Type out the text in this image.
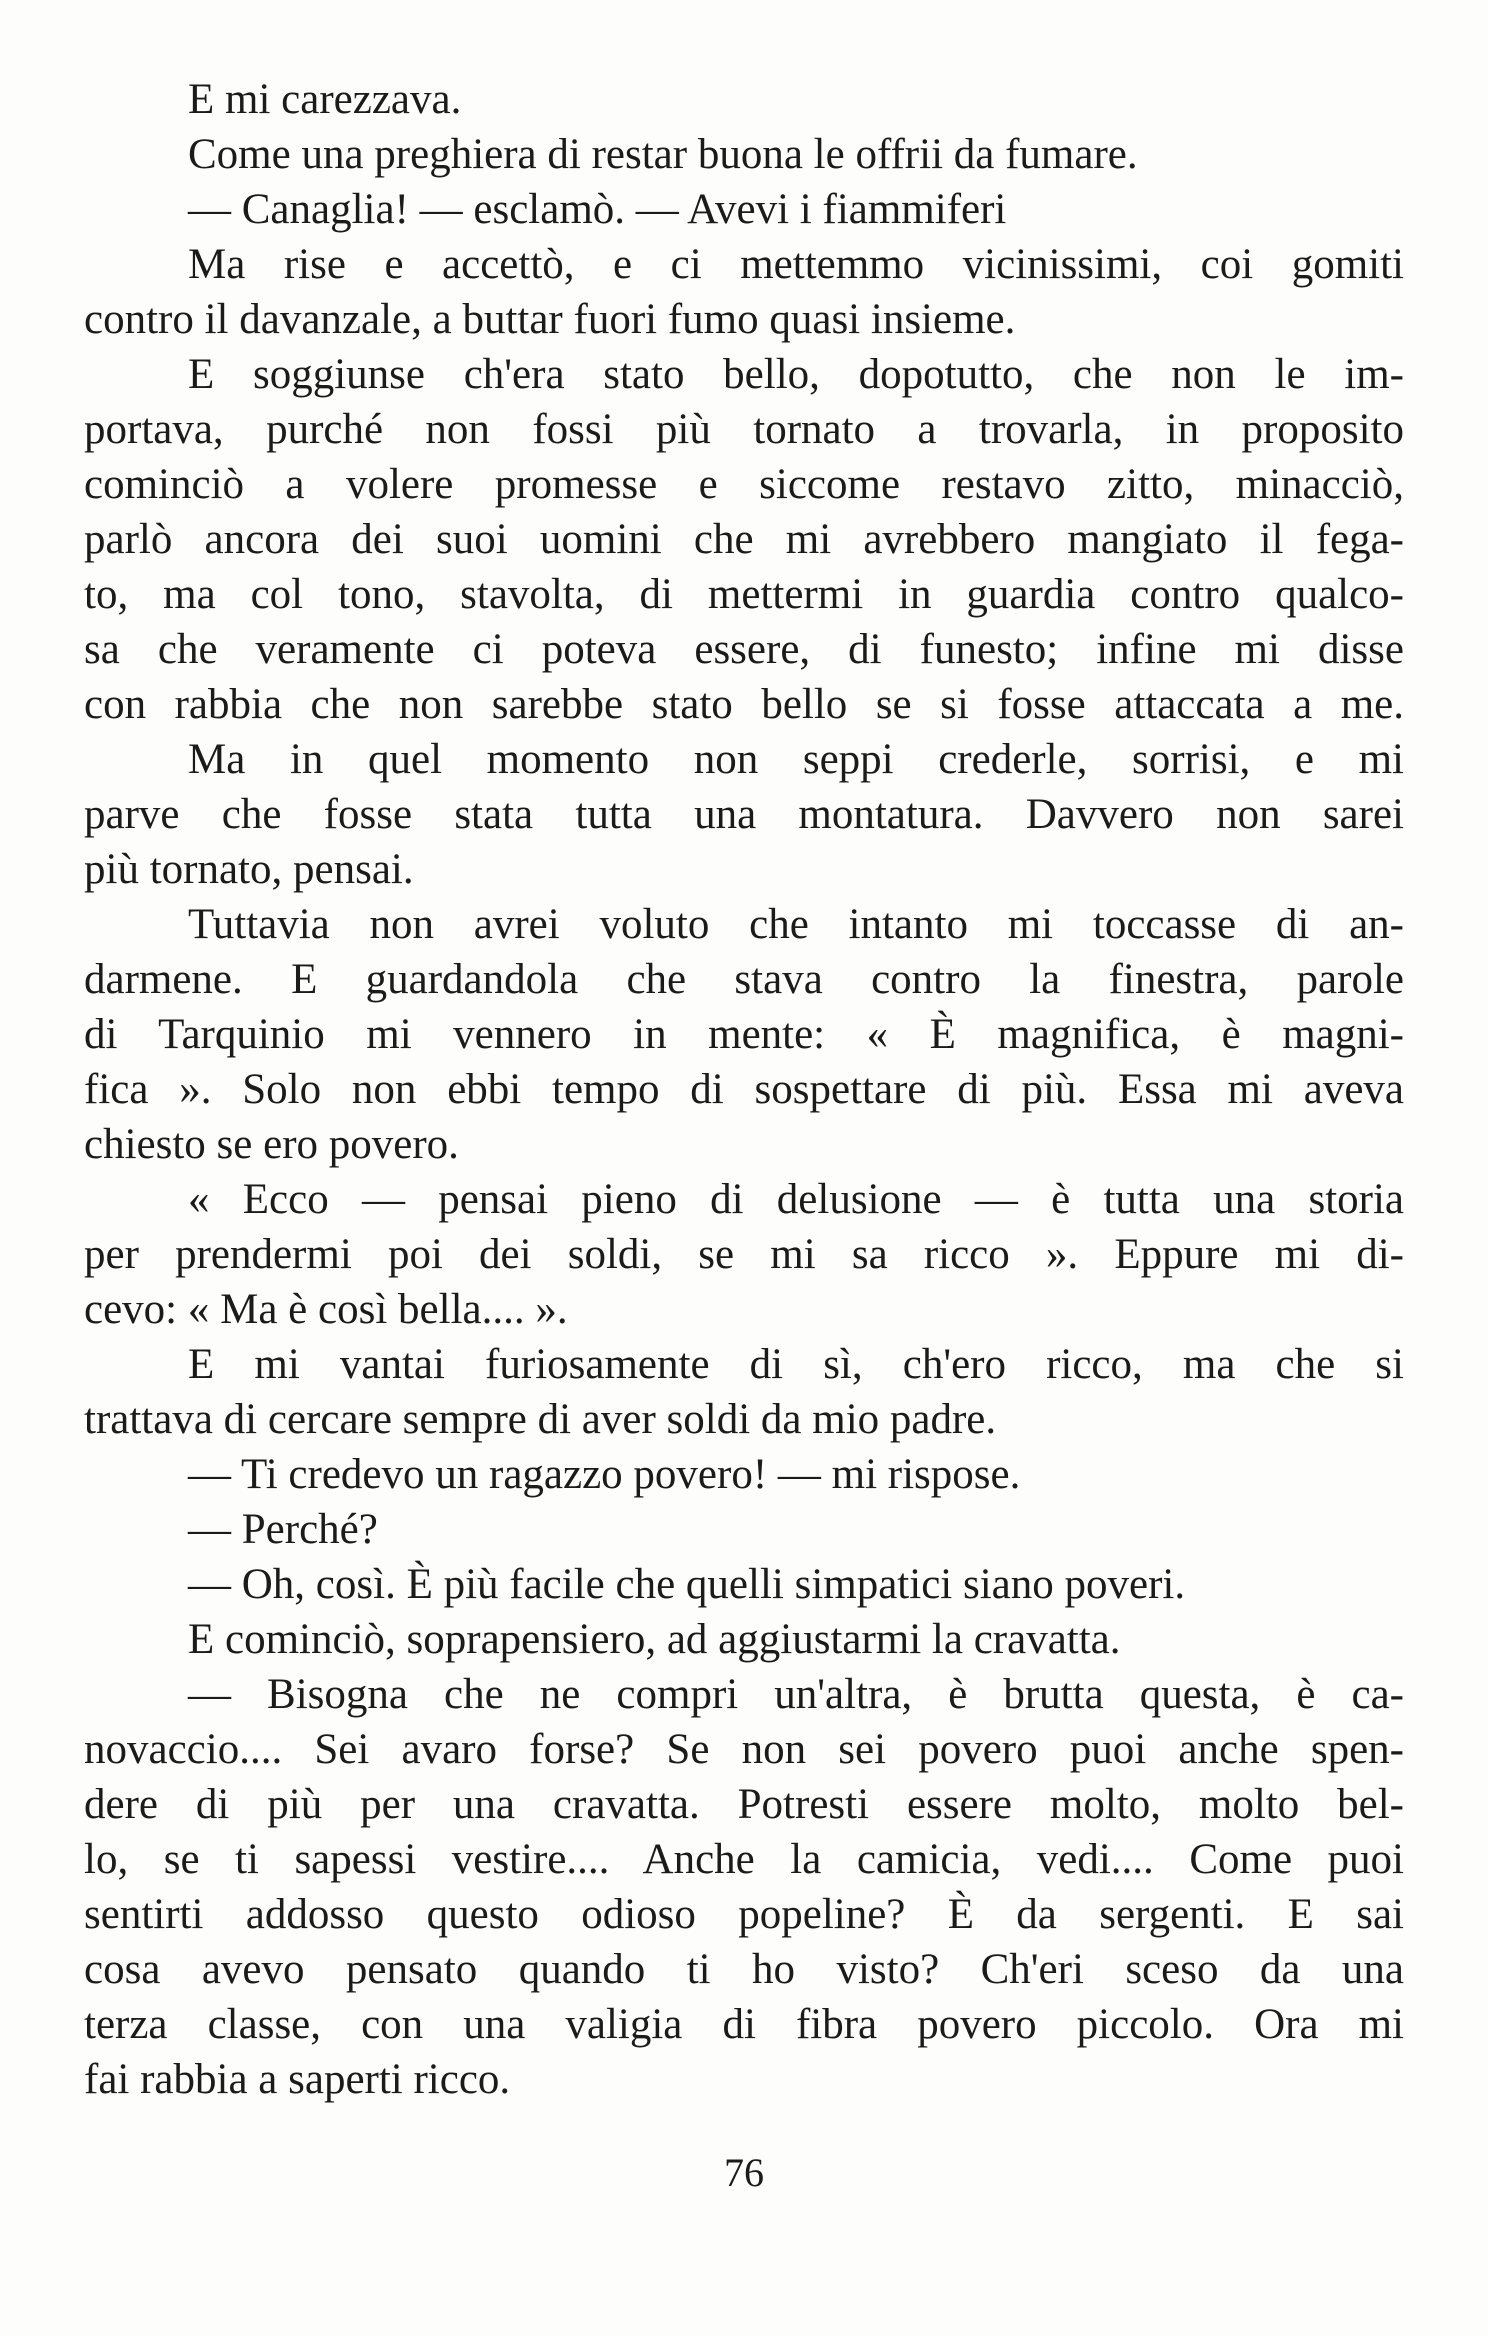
E mi carezzava.
Come una preghiera di restar buona le offrii da fumare.
— Canaglia! — esclamò. — Avevi i fiammiferi
Ma rise e accettò, e ci mettemmo vicinissimi, coi gomiti
contro il davanzale, a buttar fuori fumo quasi insieme.
E soggiunse ch'era stato bello, dopotutto, che non le im-
portava, purché non fossi più tornato a trovarla, in proposito
cominciò a volere promesse e siccome restavo zitto, minacciò,
parlò ancora dei suoi uomini che mi avrebbero mangiato il fega-
to, ma col tono, stavolta, di mettermi in guardia contro qualco-
sa che veramente ci poteva essere, di funesto; infine mi disse
con rabbia che non sarebbe stato bello se si fosse attaccata a me.
Ma in quel momento non seppi crederle, sorrisi, e mi
parve che fosse stata tutta una montatura. Davvero non sarei
più tornato, pensai.
Tuttavia non avrei voluto che intanto mi toccasse di an-
darmene. E guardandola che stava contro la finestra, parole
di Tarquinio mi vennero in mente: « È magnifica, è magni-
fica ». Solo non ebbi tempo di sospettare di più. Essa mi aveva
chiesto se ero povero.
« Ecco — pensai pieno di delusione — è tutta una storia
per prendermi poi dei soldi, se mi sa ricco ». Eppure mi di-
cevo: « Ma è così bella.... ».
E mi vantai furiosamente di sì, ch'ero ricco, ma che si
trattava di cercare sempre di aver soldi da mio padre.
— Ti credevo un ragazzo povero! — mi rispose.
— Perché?
— Oh, così. È più facile che quelli simpatici siano poveri.
E cominciò, soprapensiero, ad aggiustarmi la cravatta.
— Bisogna che ne compri un'altra, è brutta questa, è ca-
novaccio.... Sei avaro forse? Se non sei povero puoi anche spen-
dere di più per una cravatta. Potresti essere molto, molto bel-
lo, se ti sapessi vestire.... Anche la camicia, vedi.... Come puoi
sentirti addosso questo odioso popeline? È da sergenti. E sai
cosa avevo pensato quando ti ho visto? Ch'eri sceso da una
terza classe, con una valigia di fibra povero piccolo. Ora mi
fai rabbia a saperti ricco.
76
